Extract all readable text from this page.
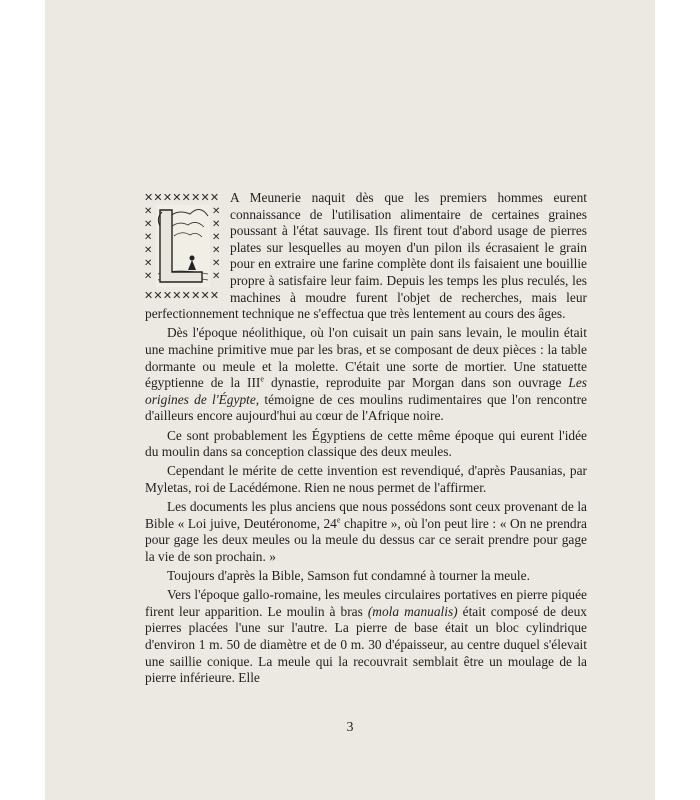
✕✕✕✕✕✕✕✕
✕✕✕✕✕✕✕✕
✕
✕
✕
✕
✕
✕
✕
✕
✕
✕
✕
✕
A Meunerie naquit dès que les premiers hommes eurent connaissance de l'utilisation alimentaire de certaines graines poussant à l'état sauvage. Ils firent tout d'abord usage de pierres plates sur lesquelles au moyen d'un pilon ils écrasaient le grain pour en extraire une farine complète dont ils faisaient une bouillie propre à satisfaire leur faim. Depuis les temps les plus reculés, les machines à moudre furent l'objet de recherches, mais leur perfectionnement technique ne s'effectua que très lentement au cours des âges.

Dès l'époque néolithique, où l'on cuisait un pain sans levain, le moulin était une machine primitive mue par les bras, et se composant de deux pièces : la table dormante ou meule et la molette. C'était une sorte de mortier. Une statuette égyptienne de la IIIe dynastie, reproduite par Morgan dans son ouvrage Les origines de l'Égypte, témoigne de ces moulins rudimentaires que l'on rencontre d'ailleurs encore aujourd'hui au cœur de l'Afrique noire.

Ce sont probablement les Égyptiens de cette même époque qui eurent l'idée du moulin dans sa conception classique des deux meules.

Cependant le mérite de cette invention est revendiqué, d'après Pausanias, par Myletas, roi de Lacédémone. Rien ne nous permet de l'affirmer.

Les documents les plus anciens que nous possédons sont ceux provenant de la Bible « Loi juive, Deutéronome, 24e chapitre », où l'on peut lire : « On ne prendra pour gage les deux meules ou la meule du dessus car ce serait prendre pour gage la vie de son prochain. »

Toujours d'après la Bible, Samson fut condamné à tourner la meule.

Vers l'époque gallo-romaine, les meules circulaires portatives en pierre piquée firent leur apparition. Le moulin à bras (mola manualis) était composé de deux pierres placées l'une sur l'autre. La pierre de base était un bloc cylindrique d'environ 1 m. 50 de diamètre et de 0 m. 30 d'épaisseur, au centre duquel s'élevait une saillie conique. La meule qui la recouvrait semblait être un moulage de la pierre inférieure. Elle

3
